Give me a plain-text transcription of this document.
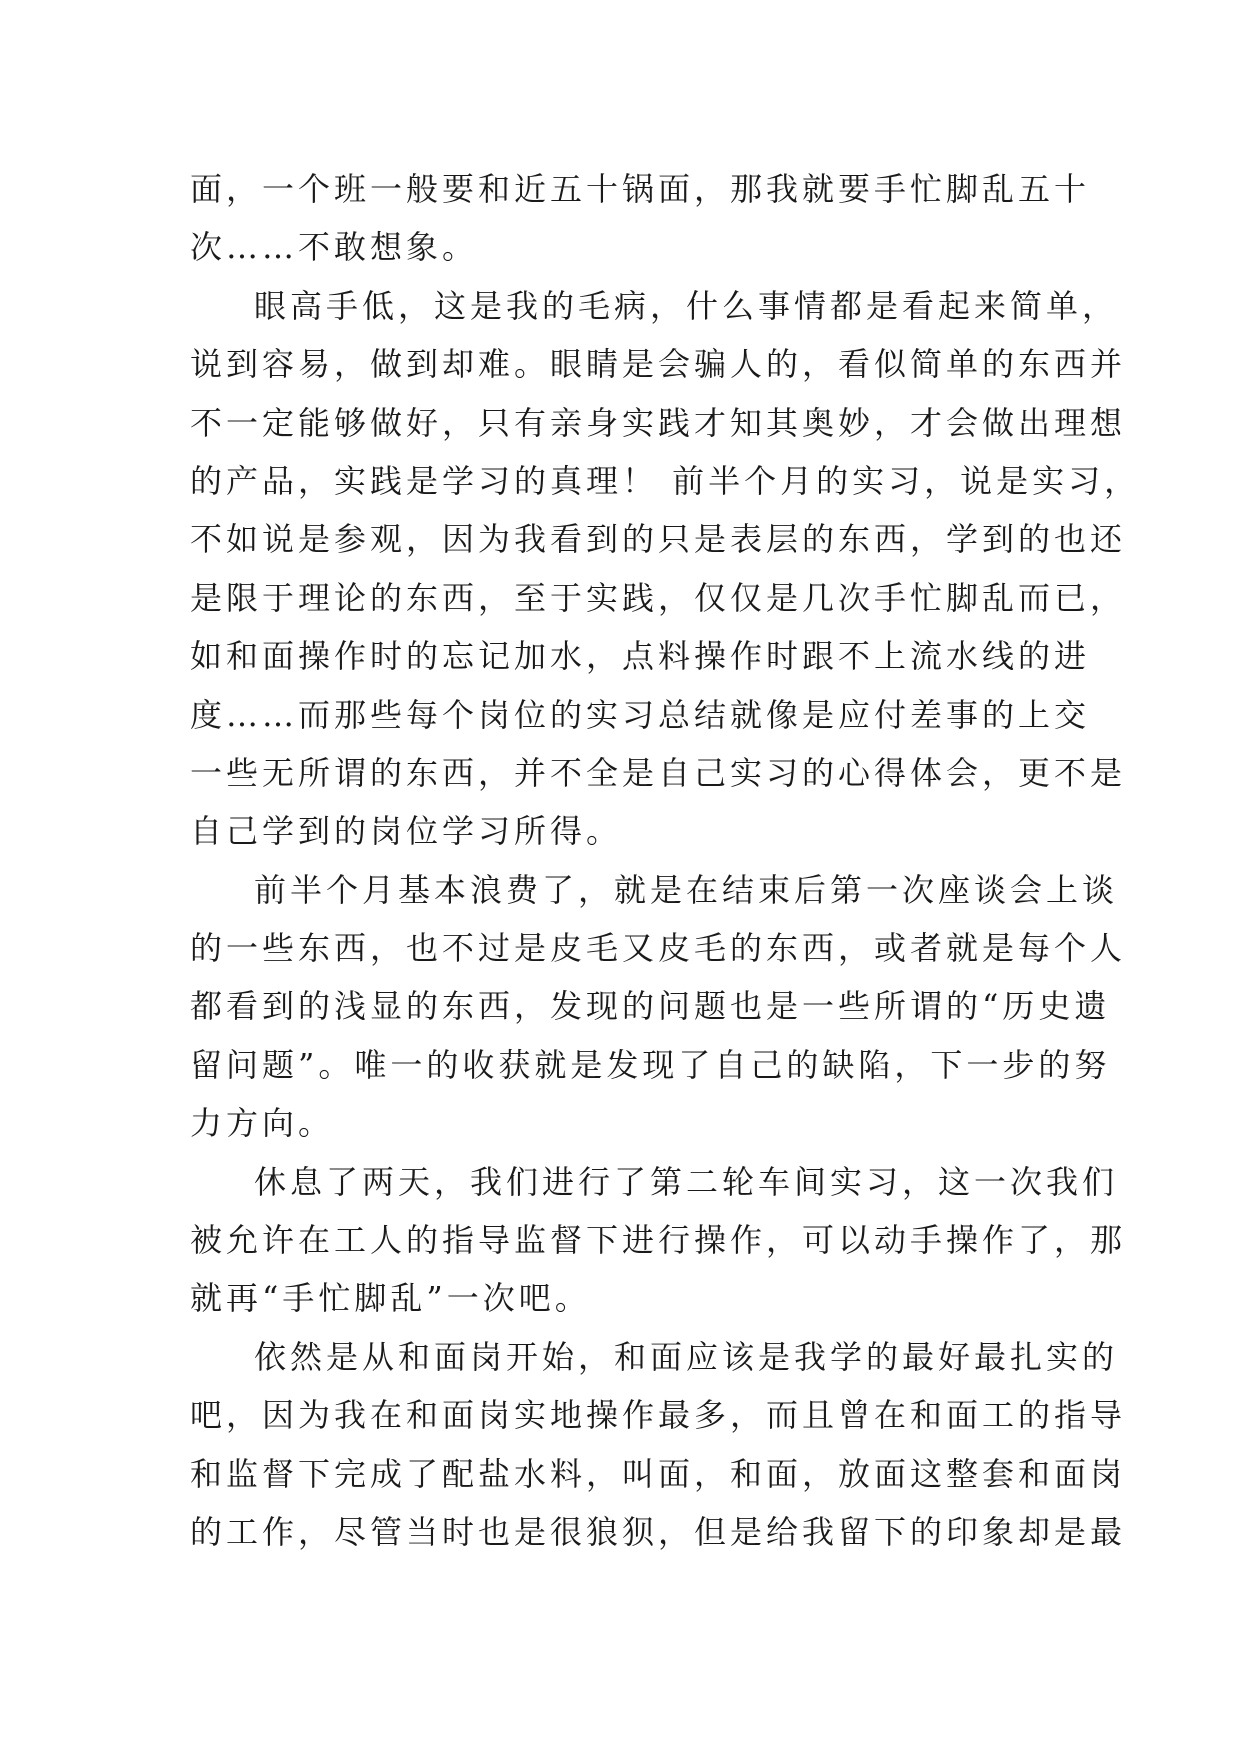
面，一个班一般要和近五十锅面，那我就要手忙脚乱五十
次……不敢想象。
眼高手低，这是我的毛病，什么事情都是看起来简单，
说到容易，做到却难。眼睛是会骗人的，看似简单的东西并
不一定能够做好，只有亲身实践才知其奥妙，才会做出理想
的产品，实践是学习的真理！ 前半个月的实习，说是实习，
不如说是参观，因为我看到的只是表层的东西，学到的也还
是限于理论的东西，至于实践，仅仅是几次手忙脚乱而已，
如和面操作时的忘记加水，点料操作时跟不上流水线的进
度……而那些每个岗位的实习总结就像是应付差事的上交
一些无所谓的东西，并不全是自己实习的心得体会，更不是
自己学到的岗位学习所得。
前半个月基本浪费了，就是在结束后第一次座谈会上谈
的一些东西，也不过是皮毛又皮毛的东西，或者就是每个人
都看到的浅显的东西，发现的问题也是一些所谓的“历史遗
留问题”。唯一的收获就是发现了自己的缺陷，下一步的努
力方向。
休息了两天，我们进行了第二轮车间实习，这一次我们
被允许在工人的指导监督下进行操作，可以动手操作了，那
就再“手忙脚乱”一次吧。
依然是从和面岗开始，和面应该是我学的最好最扎实的
吧，因为我在和面岗实地操作最多，而且曾在和面工的指导
和监督下完成了配盐水料，叫面，和面，放面这整套和面岗
的工作，尽管当时也是很狼狈，但是给我留下的印象却是最
